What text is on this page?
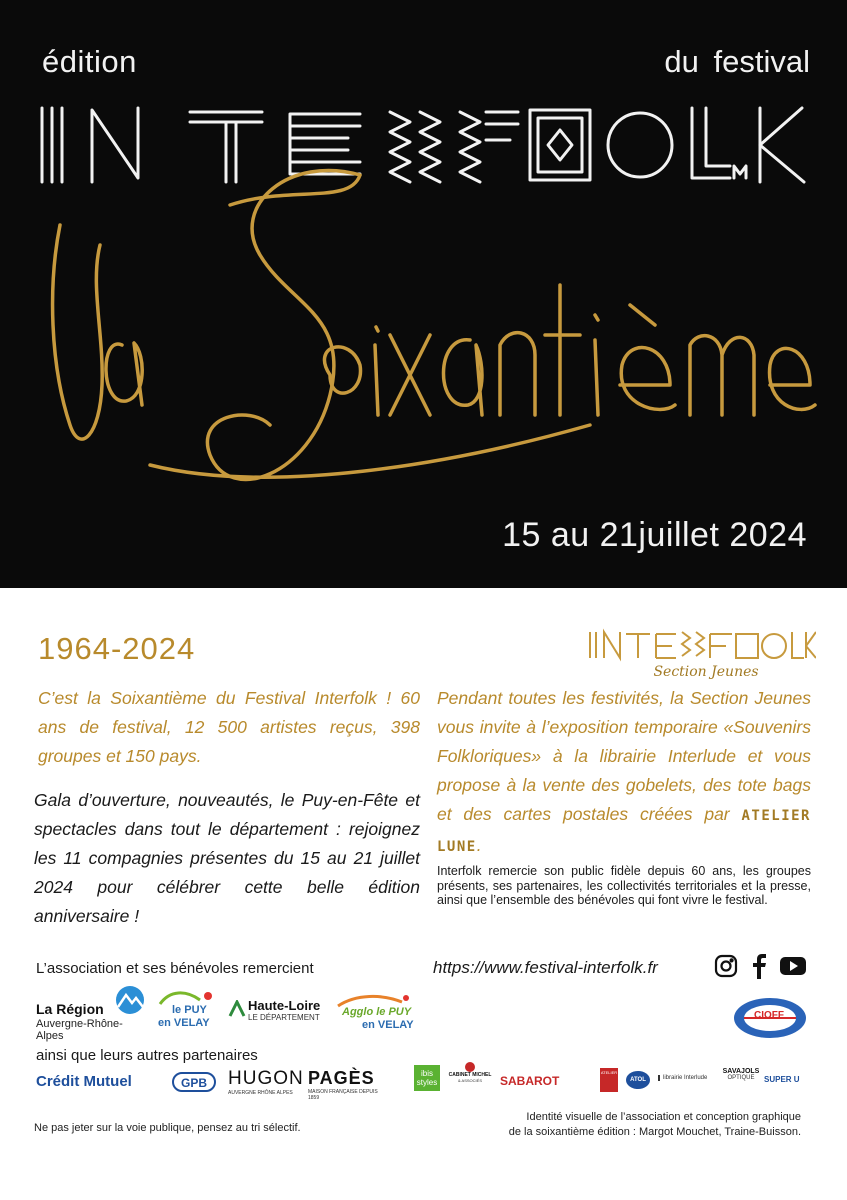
édition	du festival
15 au 21juillet 2024
1964-2024
Section Jeunes

C’est la Soixantième du Festival Interfolk ! 60 ans de festival, 12 500 artistes reçus, 398 groupes et 150 pays.

Gala d’ouverture, nouveautés, le Puy-en-Fête et spectacles dans tout le département : rejoignez les 11 compagnies présentes du 15 au 21 juillet 2024 pour célébrer cette belle édition anniversaire !

Pendant toutes les festivités, la Section Jeunes vous invite à l’exposition temporaire «Souvenirs Folkloriques» à la librairie Interlude et vous propose à la vente des gobelets, des tote bags et des cartes postales créées par ATELIER LUNE.

Interfolk remercie son public fidèle depuis 60 ans, les groupes présents, ses partenaires, les collectivités territoriales et la presse, ainsi que l’ensemble des bénévoles qui font vivre le festival.

L’association et ses bénévoles remercient	https://www.festival-interfolk.fr
La Région
Auvergne-Rhône-Alpes
le PUY
en VELAY
Haute-Loire
LE DÉPARTEMENT Agglo le PUY
en VELAY
CIOFF
ainsi que leurs autres partenaires
Crédit Mutuel	GPB	HUGON
AUVERGNE RHÔNE ALPES
PAGÈS
MAISON FRANÇAISE DEPUIS 1859
ibis styles
CABINET MICHEL
& ASSOCIÉS	SABAROT
ATELIER
ATOL	librairie Interlude
SAVAJOLS
OPTIQUE	SUPER U
Ne pas jeter sur la voie publique, pensez au tri sélectif.
Identité visuelle de l’association et conception graphique
de la soixantième édition : Margot Mouchet, Traine-Buisson.
